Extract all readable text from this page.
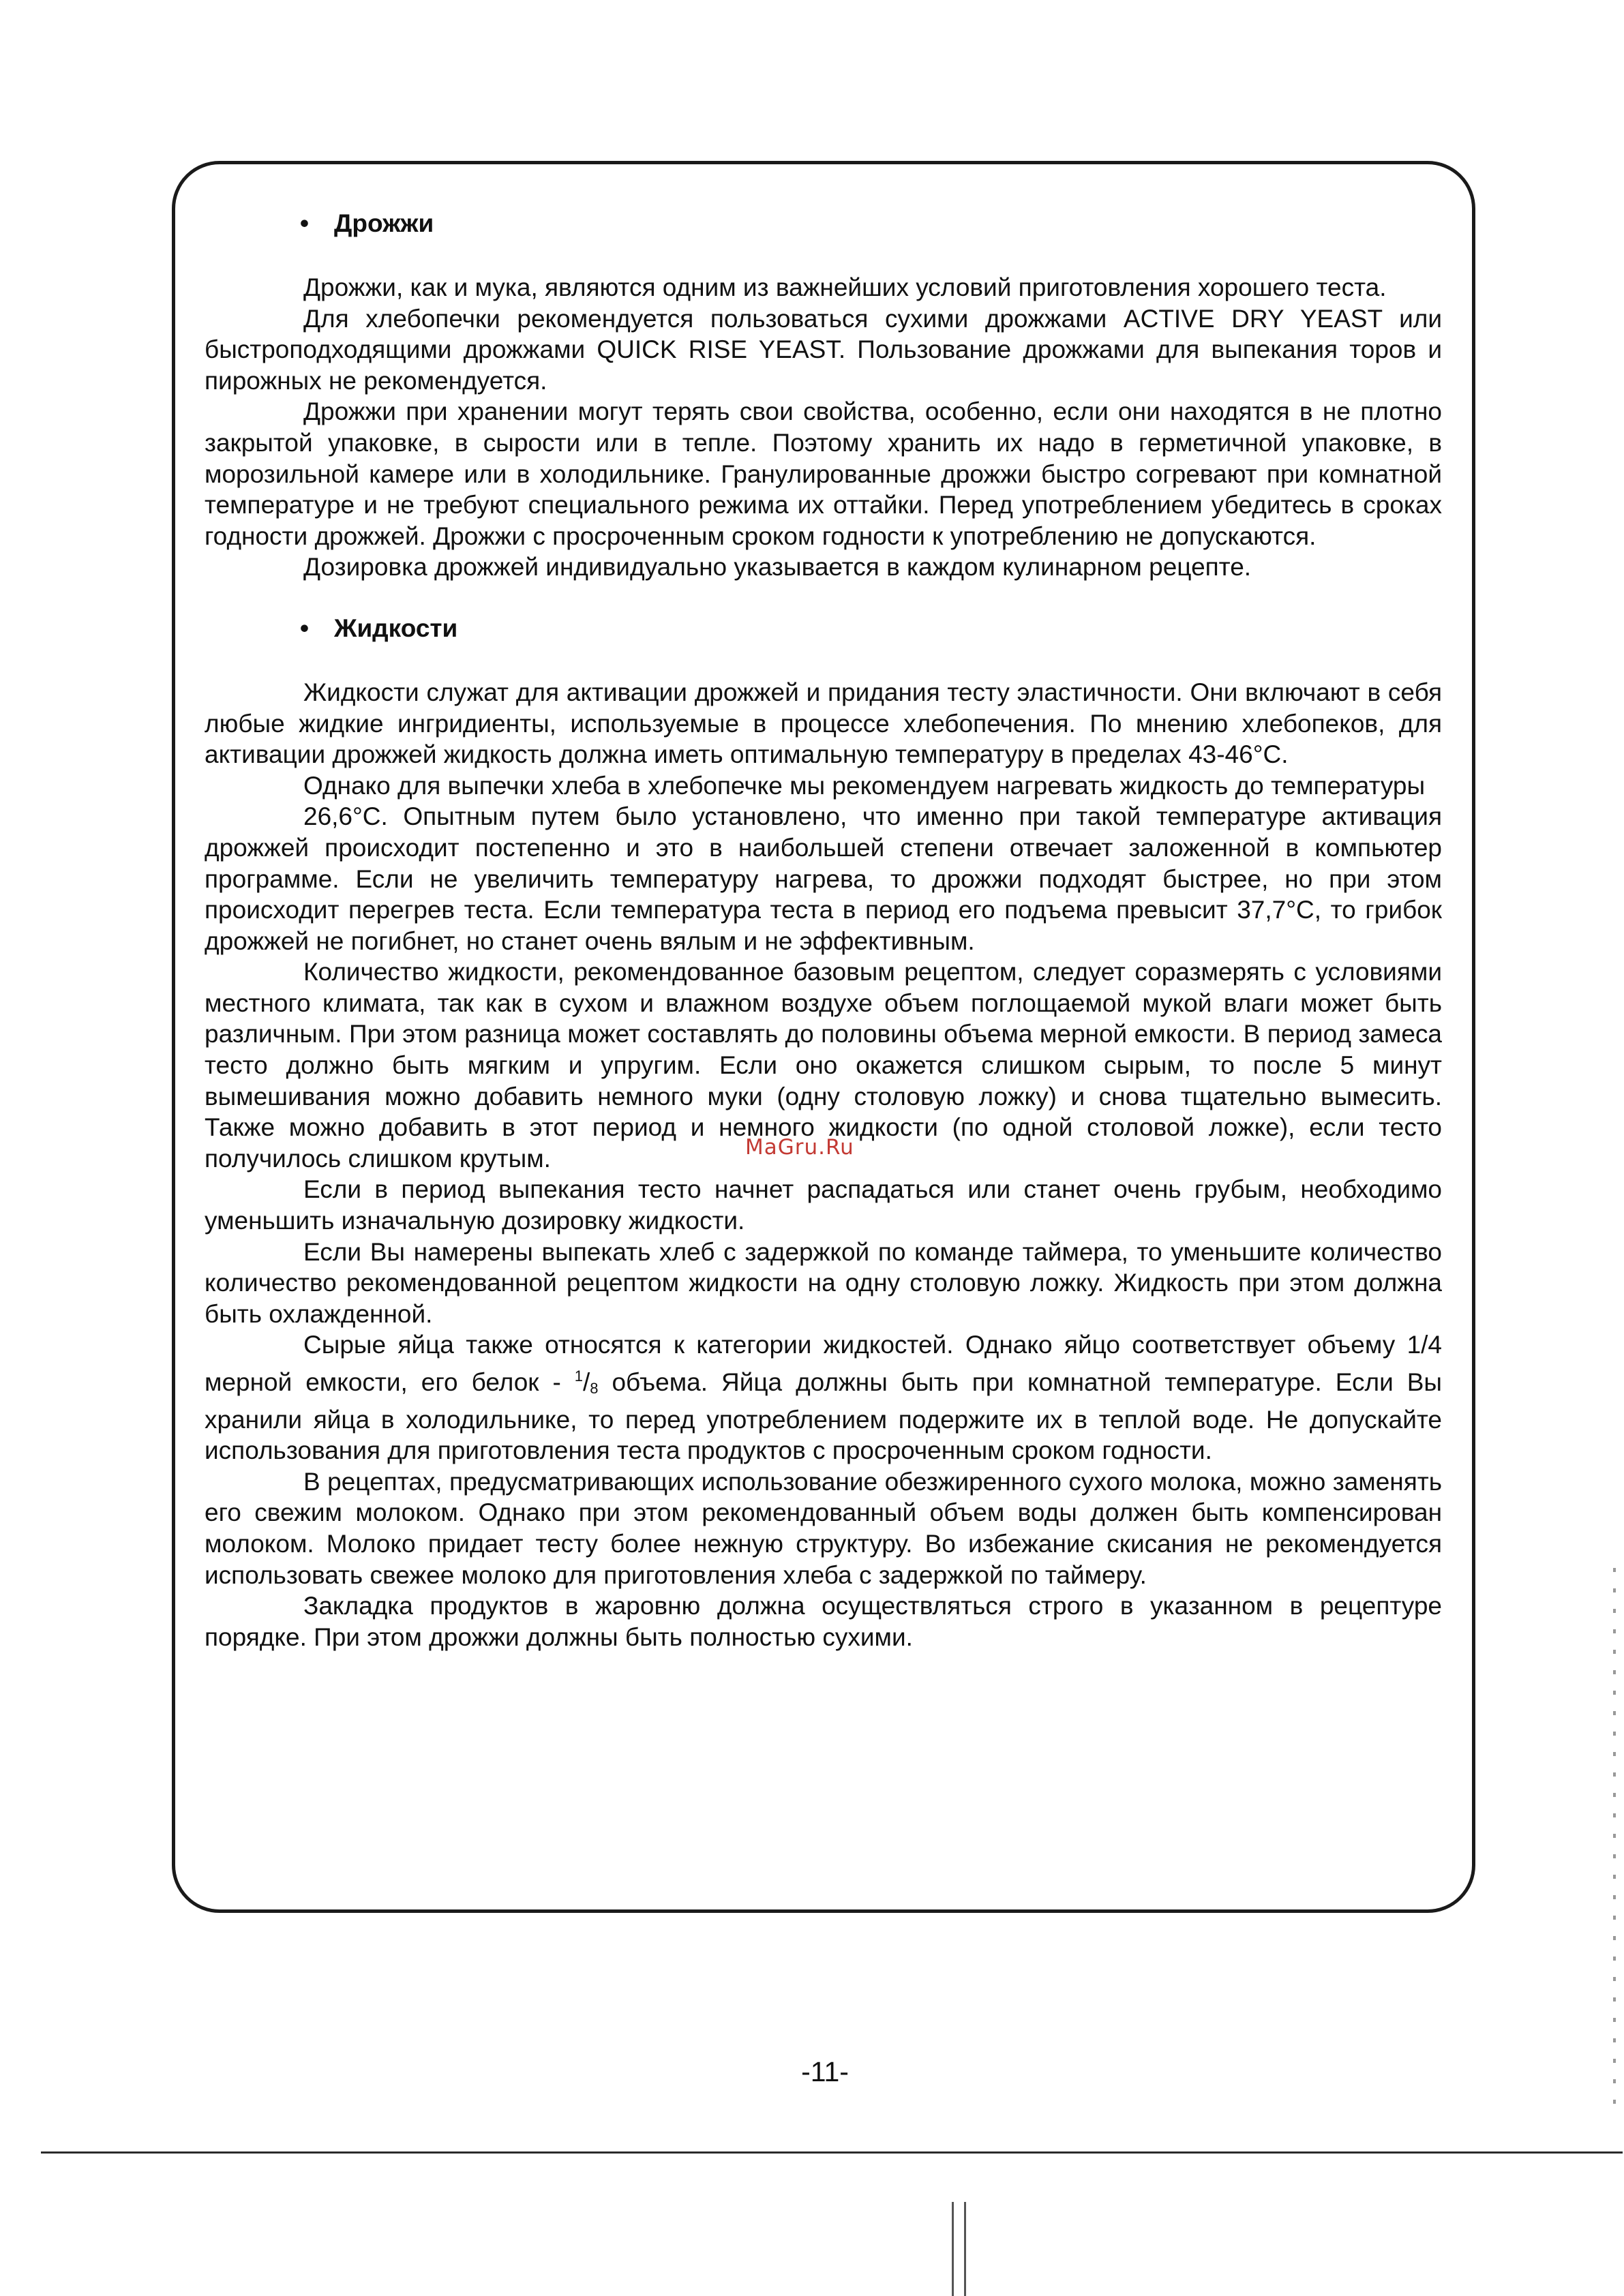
• Дрожжи

Дрожжи, как и мука, являются одним из важнейших условий приготовления хорошего теста.

Для хлебопечки рекомендуется пользоваться сухими дрожжами ACTIVE DRY YEAST или быстроподходящими дрожжами QUICK RISE YEAST. Пользование дрожжами для выпекания торов и пирожных не рекомендуется.

Дрожжи при хранении могут терять свои свойства, особенно, если они находятся в не плотно закрытой упаковке, в сырости или в тепле. Поэтому хранить их надо в герметичной упаковке, в морозильной камере или в холодильнике. Гранулированные дрожжи быстро согревают при комнатной температуре и не требуют специального режима их оттайки. Перед употреблением убедитесь в сроках годности дрожжей. Дрожжи с просроченным сроком годности к употреблению не допускаются.

Дозировка дрожжей индивидуально указывается в каждом кулинарном рецепте.

• Жидкости

Жидкости служат для активации дрожжей и придания тесту эластичности. Они включают в себя любые жидкие ингридиенты, используемые в процессе хлебопечения. По мнению хлебопеков, для активации дрожжей жидкость должна иметь оптимальную температуру в пределах 43-46°С.

Однако для выпечки хлеба в хлебопечке мы рекомендуем нагревать жидкость до температуры

26,6°С. Опытным путем было установлено, что именно при такой температуре активация дрожжей происходит постепенно и это в наибольшей степени отвечает заложенной в компьютер программе. Если не увеличить температуру нагрева, то дрожжи подходят быстрее, но при этом происходит перегрев теста. Если температура теста в период его подъема превысит 37,7°С, то грибок дрожжей не погибнет, но станет очень вялым и не эффективным.

Количество жидкости, рекомендованное базовым рецептом, следует соразмерять с условиями местного климата, так как в сухом и влажном воздухе объем поглощаемой мукой влаги может быть различным. При этом разница может составлять до половины объема мерной емкости. В период замеса тесто должно быть мягким и упругим. Если оно окажется слишком сырым, то после 5 минут вымешивания можно добавить немного муки (одну столовую ложку) и снова тщательно вымесить. Также можно добавить в этот период и немного жидкости (по одной столовой ложке), если тесто получилось слишком крутым.

Если в период выпекания тесто начнет распадаться или станет очень грубым, необходимо уменьшить изначальную дозировку жидкости.

Если Вы намерены выпекать хлеб с задержкой по команде таймера, то уменьшите количество количество рекомендованной рецептом жидкости на одну столовую ложку. Жидкость при этом должна быть охлажденной.

Сырые яйца также относятся к категории жидкостей. Однако яйцо соответствует объему 1/4 мерной емкости, его белок - $^1$/8 объема. Яйца должны быть при комнатной температуре. Если Вы хранили яйца в холодильнике, то перед употреблением подержите их в теплой воде. Не допускайте использования для приготовления теста продуктов с просроченным сроком годности.

В рецептах, предусматривающих использование обезжиренного сухого молока, можно заменять его свежим молоком. Однако при этом рекомендованный объем воды должен быть компенсирован молоком. Молоко придает тесту более нежную структуру. Во избежание скисания не рекомендуется использовать свежее молоко для приготовления хлеба с задержкой по таймеру.

Закладка продуктов в жаровню должна осуществляться строго в указанном в рецептуре порядке. При этом дрожжи должны быть полностью сухими.

MaGru.Ru
-11-
